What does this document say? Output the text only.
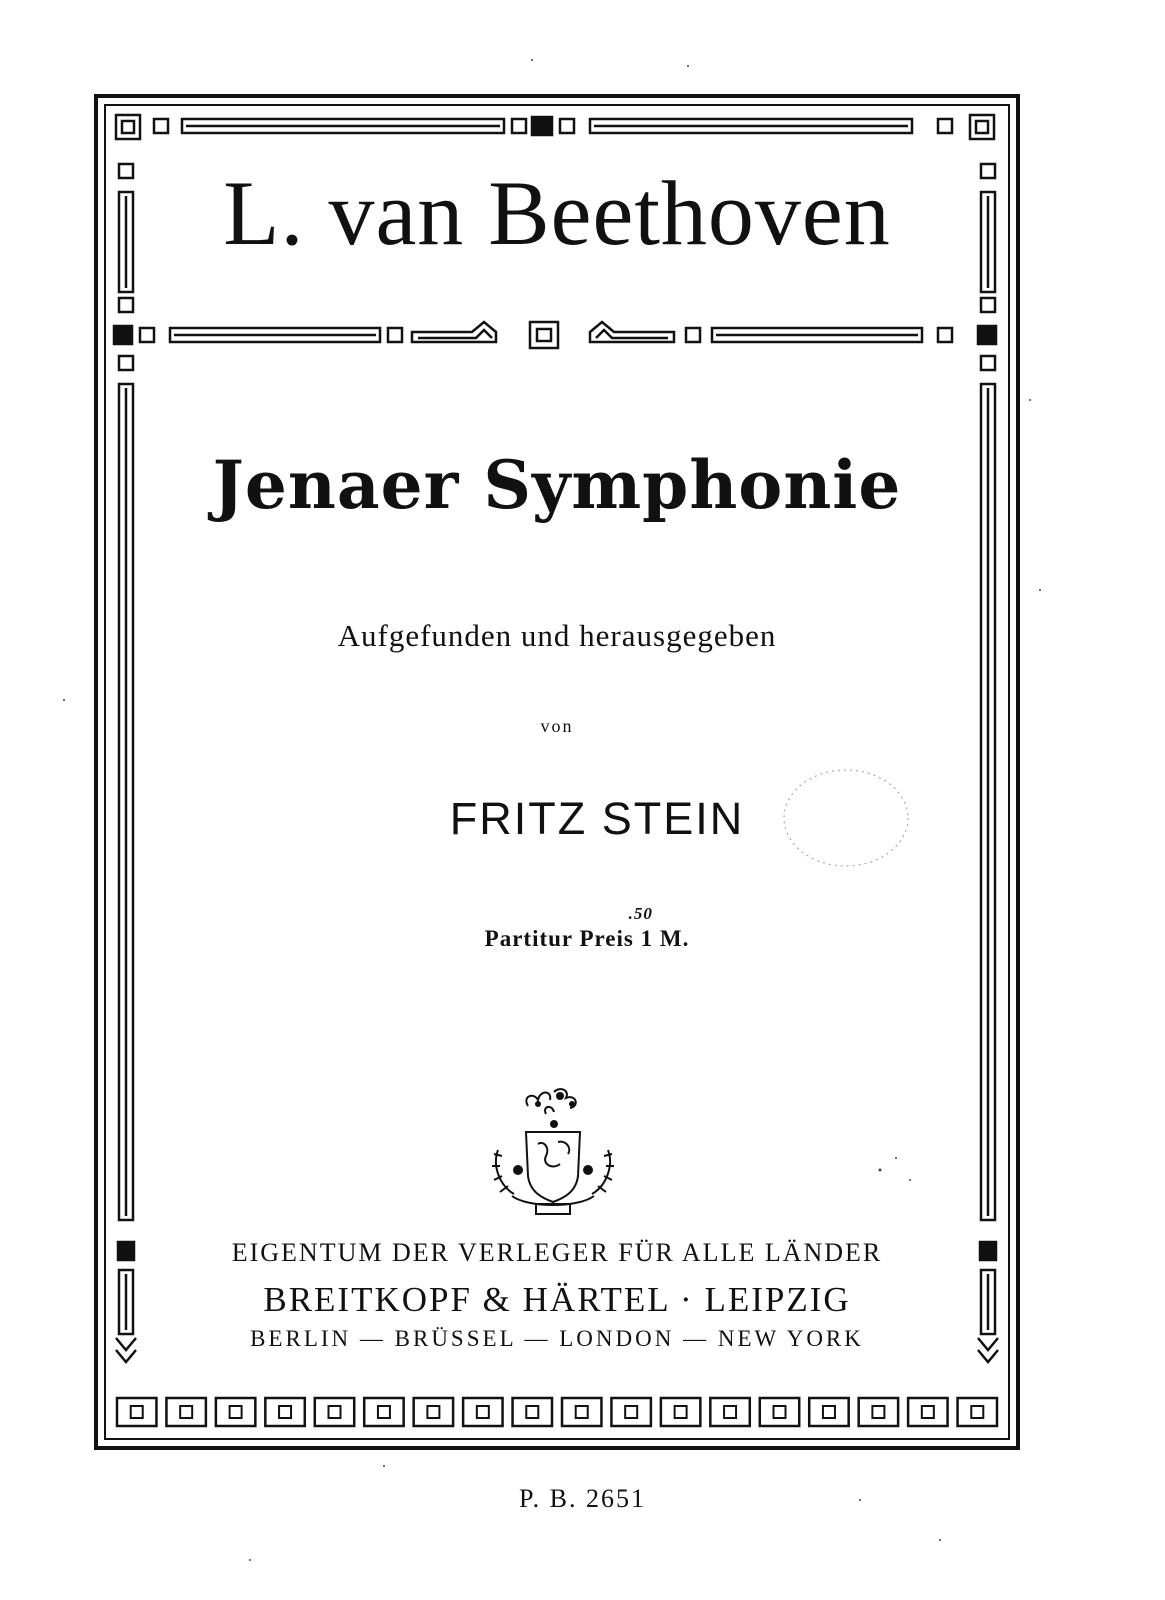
L. van Beethoven
Jenaer Symphonie
Aufgefunden und herausgegeben
von
FRITZ STEIN
Partitur Preis
.50
1 M.
EIGENTUM DER VERLEGER FÜR ALLE LÄNDER
BREITKOPF & HÄRTEL · LEIPZIG
BERLIN — BRÜSSEL — LONDON — NEW YORK
P. B. 2651
